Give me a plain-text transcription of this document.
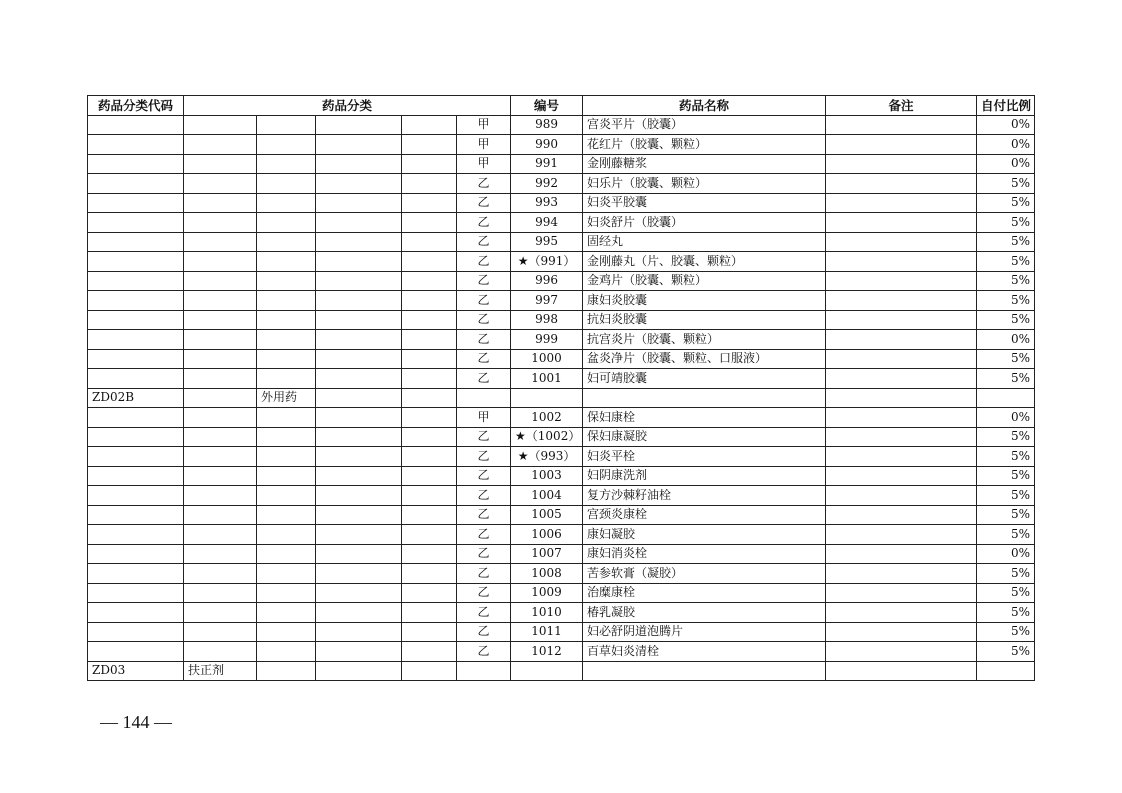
药品分类代码	药品分类					编号	药品名称	备注	自付比例
					甲	989	宫炎平片（胶囊）		0%
					甲	990	花红片（胶囊、颗粒）		0%
					甲	991	金刚藤糖浆		0%
					乙	992	妇乐片（胶囊、颗粒）		5%
					乙	993	妇炎平胶囊		5%
					乙	994	妇炎舒片（胶囊）		5%
					乙	995	固经丸		5%
					乙	★（991）	金刚藤丸（片、胶囊、颗粒）		5%
					乙	996	金鸡片（胶囊、颗粒）		5%
					乙	997	康妇炎胶囊		5%
					乙	998	抗妇炎胶囊		5%
					乙	999	抗宫炎片（胶囊、颗粒）		0%
					乙	1000	盆炎净片（胶囊、颗粒、口服液）		5%
					乙	1001	妇可靖胶囊		5%
ZD02B		外用药							
					甲	1002	保妇康栓		0%
					乙	★（1002）	保妇康凝胶		5%
					乙	★（993）	妇炎平栓		5%
					乙	1003	妇阴康洗剂		5%
					乙	1004	复方沙棘籽油栓		5%
					乙	1005	宫颈炎康栓		5%
					乙	1006	康妇凝胶		5%
					乙	1007	康妇消炎栓		0%
					乙	1008	苦参软膏（凝胶）		5%
					乙	1009	治糜康栓		5%
					乙	1010	椿乳凝胶		5%
					乙	1011	妇必舒阴道泡腾片		5%
					乙	1012	百草妇炎清栓		5%
ZD03	扶正剂								
— 144 —
